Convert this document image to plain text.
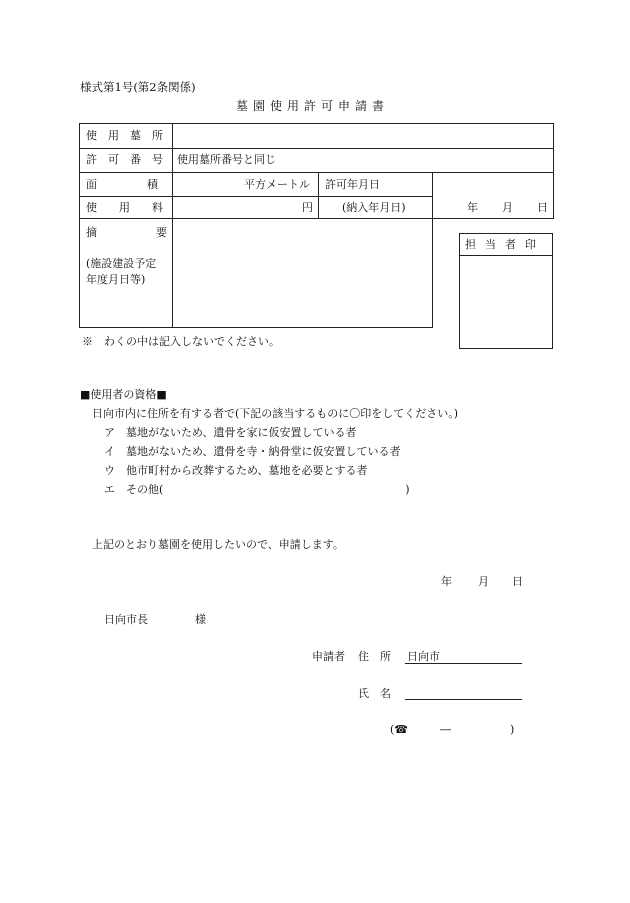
様式第1号(第2条関係)
墓園使用許可申請書
使用墓所
許可番号 使用墓所番号と同じ
面積	平方メートル 許可年月日
使用料	円	(納入年月日)	年 月 日
摘要
(施設建設予定
年度月日等)
担当者印
※　わくの中は記入しないでください。
■使用者の資格■
日向市内に住所を有する者で(下記の該当するものに〇印をしてください。)
ア　墓地がないため、遺骨を家に仮安置している者
イ　墓地がないため、遺骨を寺・納骨堂に仮安置している者
ウ　他市町村から改葬するため、墓地を必要とする者
エ　その他(　　　　　　　　　　　　　　　　　　　　　　)
上記のとおり墓園を使用したいので、申請します。
年 月 日
日向市長	様
申請者 住　所 日向市
氏　名
(☎	―	)
